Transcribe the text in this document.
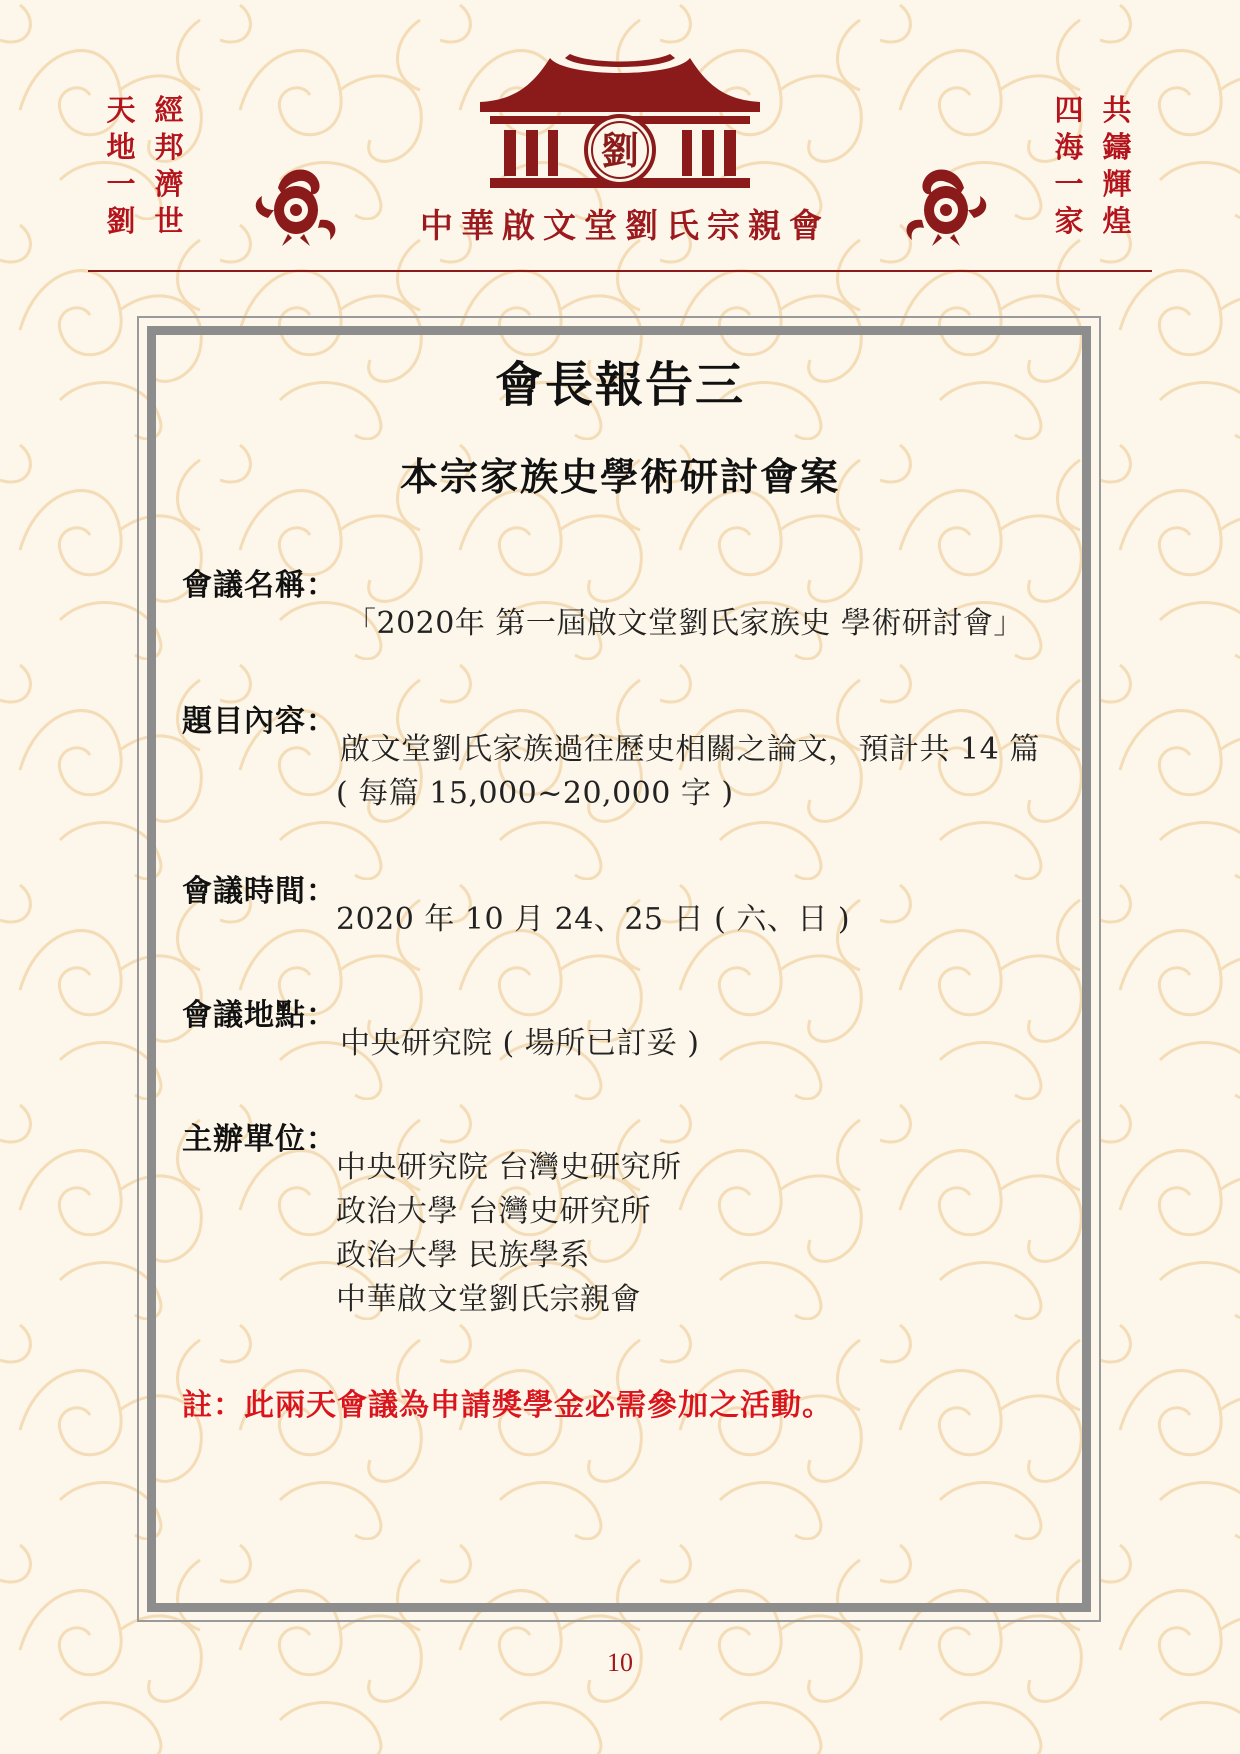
天
地
一
劉
經
邦
濟
世
四
海
一
家
共
鑄
輝
煌
劉
中華啟文堂劉氏宗親會
會長報告三
本宗家族史學術研討會案
會議名稱：
「2020年 第一屆啟文堂劉氏家族史 學術研討會」
題目內容：
啟文堂劉氏家族過往歷史相關之論文，預計共 14 篇
( 每篇 15,000~20,000 字 )
會議時間：
2020 年 10 月 24、25 日 ( 六、日 )
會議地點：
中央研究院 ( 場所已訂妥 )
主辦單位：
中央研究院 台灣史研究所
政治大學 台灣史研究所
政治大學 民族學系
中華啟文堂劉氏宗親會
註：此兩天會議為申請獎學金必需參加之活動。
10
